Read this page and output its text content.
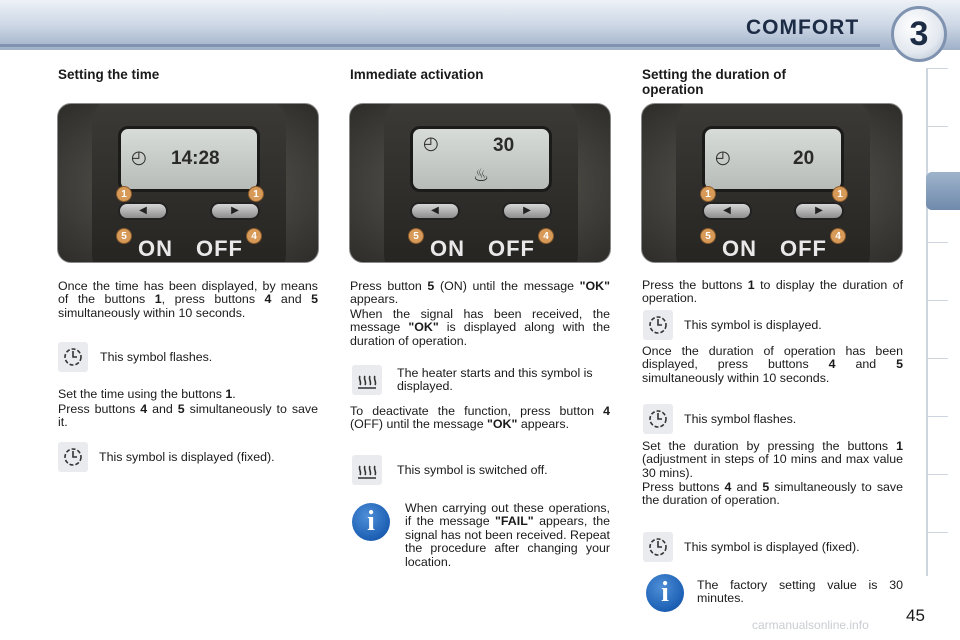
COMFORT	3
Setting the time
◴ 14:28
◀	▶
1	1
ON OFF
5	4
Once the time has been displayed, by means of the buttons 1, press buttons 4 and 5 simultaneously within 10 seconds.
This symbol flashes.
Set the time using the buttons 1.
Press buttons 4 and 5 simultaneously to save it.
This symbol is displayed (fixed).
Immediate activation
◴	30
♨
◀	▶
ON OFF
5	4
Press button 5 (ON) until the message "OK" appears.
When the signal has been received, the message "OK" is displayed along with the duration of operation.
The heater starts and this symbol is displayed.
To deactivate the function, press button 4 (OFF) until the message "OK" appears.
This symbol is switched off.
i	When carrying out these operations, if the message "FAIL" appears, the signal has not been received. Repeat the procedure after changing your location.
Setting the duration of operation
◴	20
◀	▶
1	1
ON OFF
5	4
Press the buttons 1 to display the duration of operation.
This symbol is displayed.
Once the duration of operation has been displayed, press buttons 4 and 5 simultaneously within 10 seconds.
This symbol flashes.
Set the duration by pressing the buttons 1 (adjustment in steps of 10 mins and max value 30 mins).
Press buttons 4 and 5 simultaneously to save the duration of operation.
This symbol is displayed (fixed).
i	The factory setting value is 30 minutes.
45
carmanualsonline.info
